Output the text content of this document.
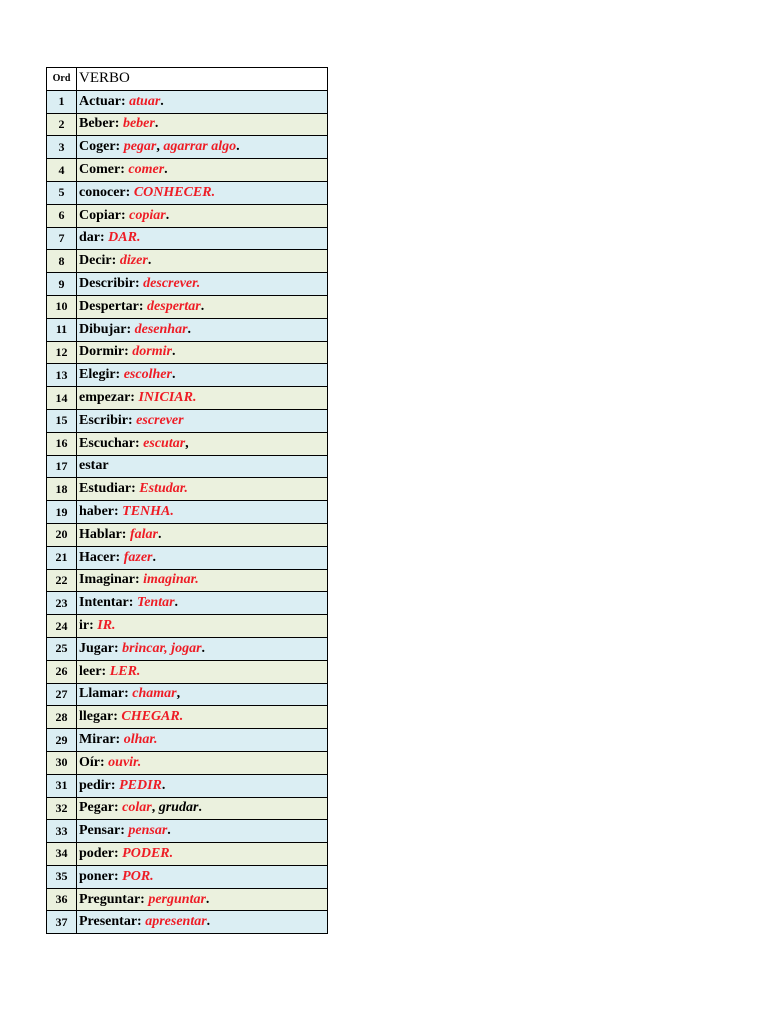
Ord	VERBO
1	Actuar: atuar.
2	Beber: beber.
3	Coger: pegar, agarrar algo.
4	Comer: comer.
5	conocer: CONHECER.
6	Copiar: copiar.
7	dar: DAR.
8	Decir: dizer.
9	Describir: descrever.
10	Despertar: despertar.
11	Dibujar: desenhar.
12	Dormir: dormir.
13	Elegir: escolher.
14	empezar: INICIAR.
15	Escribir: escrever
16	Escuchar: escutar,
17	estar
18	Estudiar: Estudar.
19	haber: TENHA.
20	Hablar: falar.
21	Hacer: fazer.
22	Imaginar: imaginar.
23	Intentar: Tentar.
24	ir: IR.
25	Jugar: brincar, jogar.
26	leer: LER.
27	Llamar: chamar,
28	llegar: CHEGAR.
29	Mirar: olhar.
30	Oír: ouvir.
31	pedir: PEDIR.
32	Pegar: colar, grudar.
33	Pensar: pensar.
34	poder: PODER.
35	poner: POR.
36	Preguntar: perguntar.
37	Presentar: apresentar.
